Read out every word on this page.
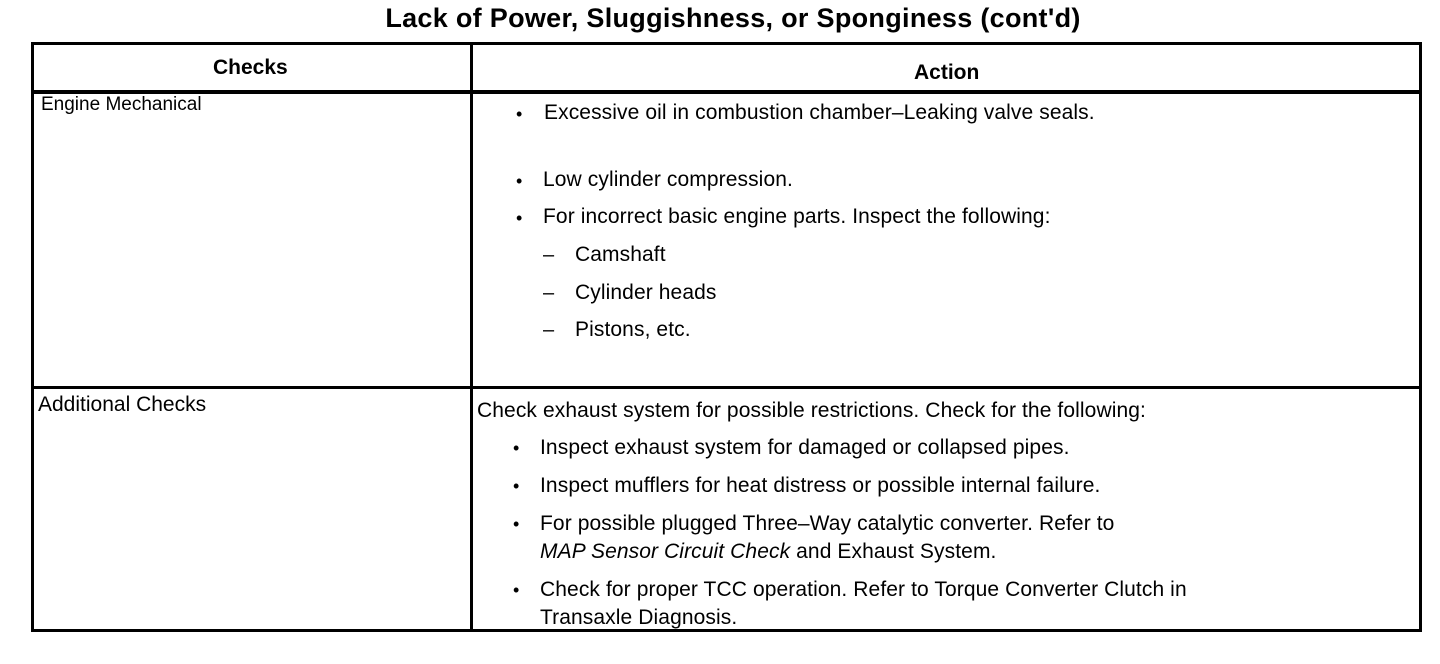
Lack of Power, Sluggishness, or Sponginess (cont'd)
Checks	Action
Engine Mechanical	• Excessive oil in combustion chamber–Leaking valve seals.
• Low cylinder compression.
• For incorrect basic engine parts. Inspect the following:
– Camshaft
– Cylinder heads
– Pistons, etc.
Additional Checks	Check exhaust system for possible restrictions. Check for the following:
• Inspect exhaust system for damaged or collapsed pipes.
• Inspect mufflers for heat distress or possible internal failure.
• For possible plugged Three–Way catalytic converter. Refer to
MAP Sensor Circuit Check and Exhaust System.
• Check for proper TCC operation. Refer to Torque Converter Clutch in
Transaxle Diagnosis.
